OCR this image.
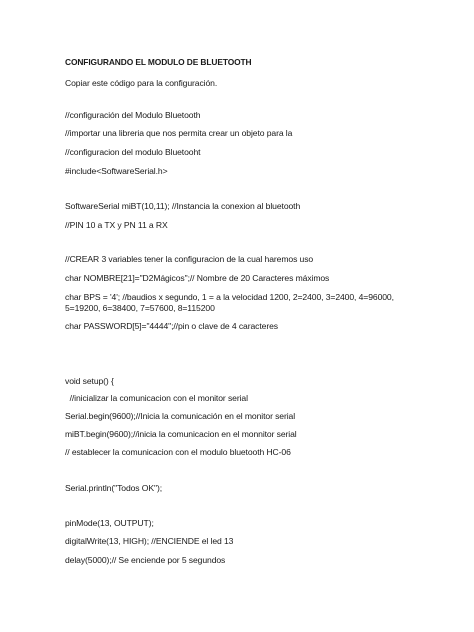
CONFIGURANDO EL MODULO DE BLUETOOTH
Copiar este código para la configuración.
//configuración del Modulo Bluetooth
//importar una libreria que nos permita crear un objeto para la
//configuracion del modulo Bluetooht
#include<SoftwareSerial.h>
SoftwareSerial miBT(10,11); //Instancia la conexion al bluetooth
//PIN 10 a TX y PN 11 a RX
//CREAR 3 variables tener la configuracion de la cual haremos uso
char NOMBRE[21]="D2Mágicos";// Nombre de 20 Caracteres máximos
char BPS = '4'; //baudios x segundo, 1 = a la velocidad 1200, 2=2400, 3=2400, 4=96000, 5=19200, 6=38400, 7=57600, 8=115200
char PASSWORD[5]="4444";//pin o clave de 4 caracteres
void setup() {
//inicializar la comunicacion con el monitor serial
Serial.begin(9600);//Inicia la comunicación en el monitor serial
miBT.begin(9600);//inicia la comunicacion en el monnitor serial
// establecer la comunicacion con el modulo bluetooth HC-06
Serial.println("Todos OK");
pinMode(13, OUTPUT);
digitalWrite(13, HIGH); //ENCIENDE el led 13
delay(5000);// Se enciende por 5 segundos
